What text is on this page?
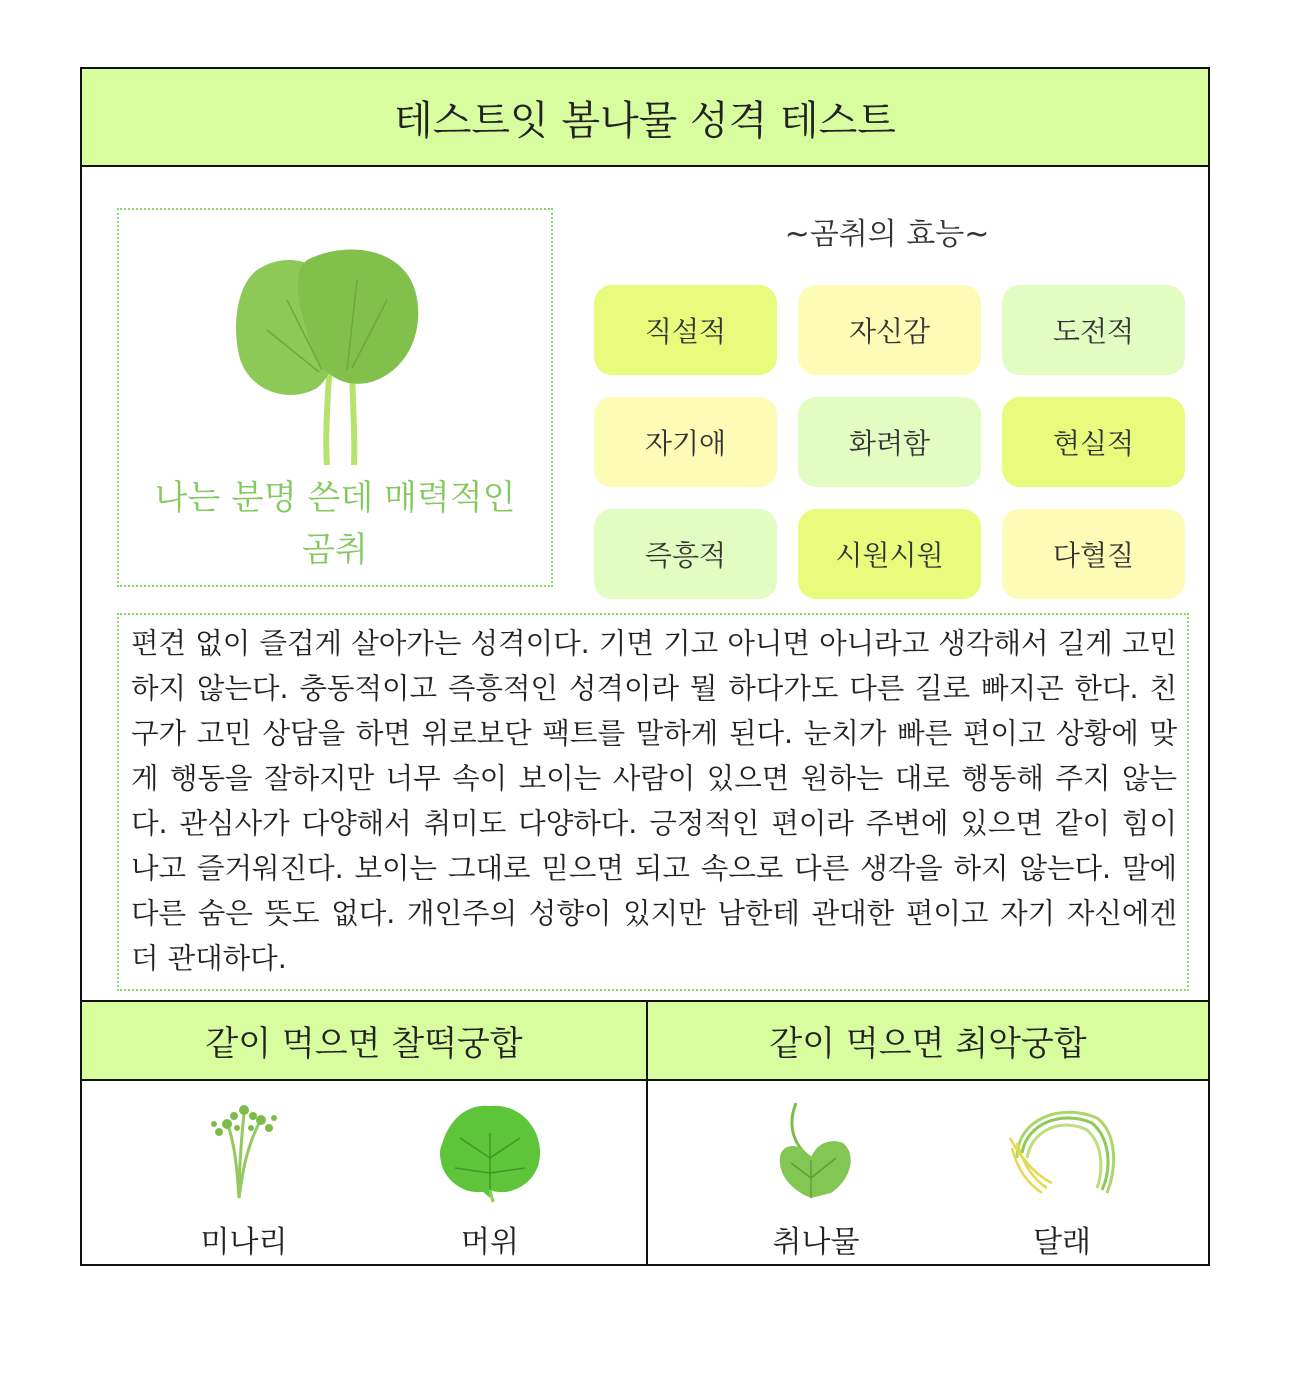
테스트잇 봄나물 성격 테스트
나는 분명 쓴데 매력적인
곰취
~곰취의 효능~
직설적	자신감	도전적
자기애	화려함	현실적
즉흥적	시원시원	다혈질
편견 없이 즐겁게 살아가는 성격이다. 기면 기고 아니면 아니라고 생각해서 길게 고민하지 않는다. 충동적이고 즉흥적인 성격이라 뭘 하다가도 다른 길로 빠지곤 한다. 친구가 고민 상담을 하면 위로보단 팩트를 말하게 된다. 눈치가 빠른 편이고 상황에 맞게 행동을 잘하지만 너무 속이 보이는 사람이 있으면 원하는 대로 행동해 주지 않는다. 관심사가 다양해서 취미도 다양하다. 긍정적인 편이라 주변에 있으면 같이 힘이 나고 즐거워진다. 보이는 그대로 믿으면 되고 속으로 다른 생각을 하지 않는다. 말에 다른 숨은 뜻도 없다. 개인주의 성향이 있지만 남한테 관대한 편이고 자기 자신에겐 더 관대하다.
같이 먹으면 찰떡궁합
미나리	머위
같이 먹으면 최악궁합
취나물	달래
